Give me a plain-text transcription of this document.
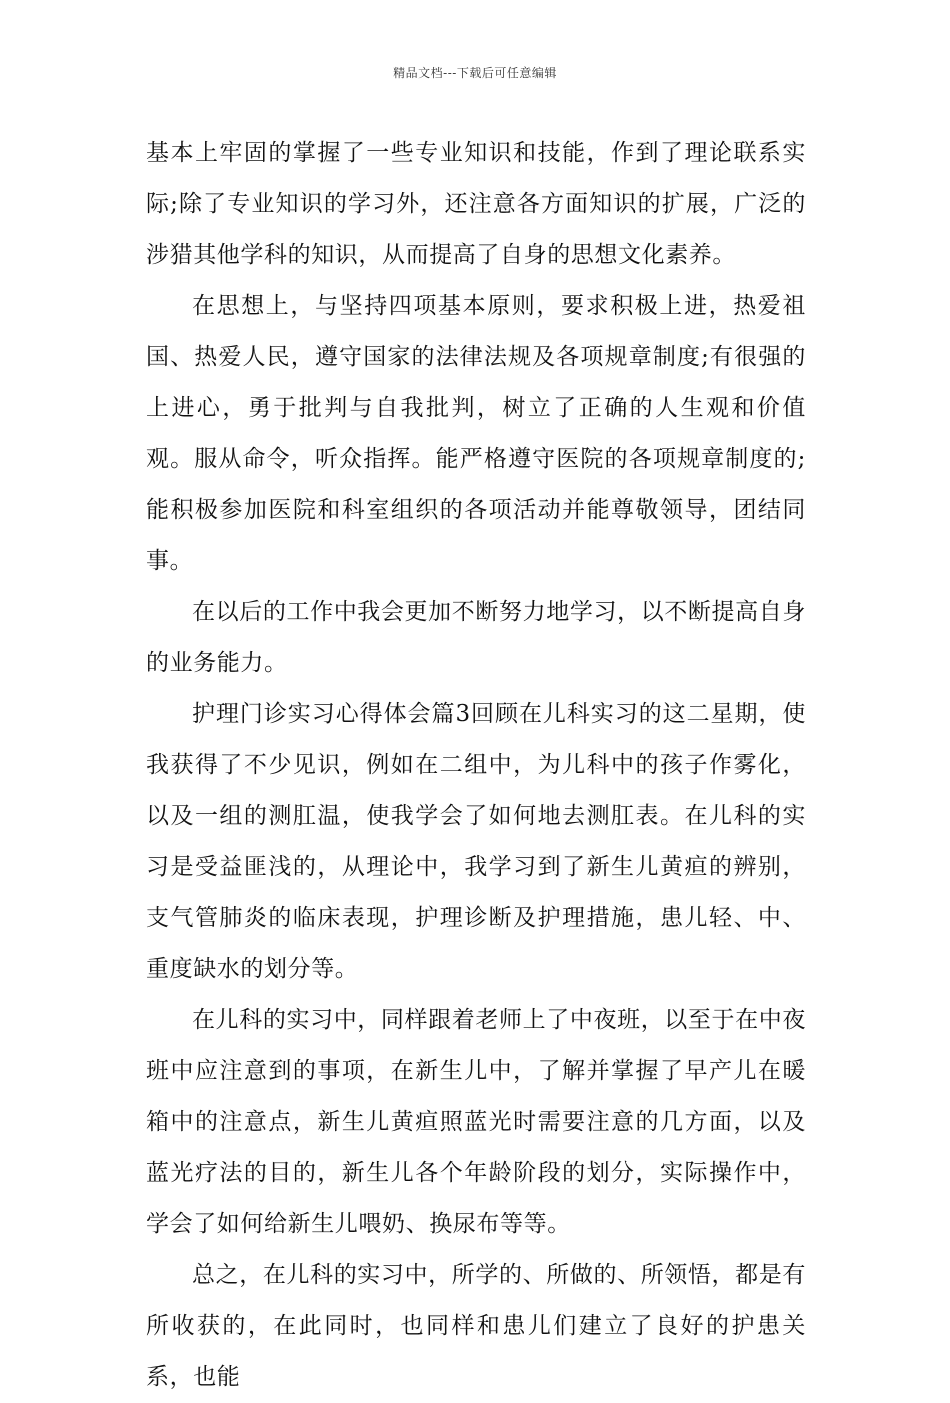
精品文档---下载后可任意编辑

基本上牢固的掌握了一些专业知识和技能，作到了理论联系实际;除了专业知识的学习外，还注意各方面知识的扩展，广泛的涉猎其他学科的知识，从而提高了自身的思想文化素养。

在思想上，与坚持四项基本原则，要求积极上进，热爱祖国、热爱人民，遵守国家的法律法规及各项规章制度;有很强的上进心，勇于批判与自我批判，树立了正确的人生观和价值观。服从命令，听众指挥。能严格遵守医院的各项规章制度的;能积极参加医院和科室组织的各项活动并能尊敬领导，团结同事。

在以后的工作中我会更加不断努力地学习，以不断提高自身的业务能力。

护理门诊实习心得体会篇3回顾在儿科实习的这二星期，使我获得了不少见识，例如在二组中，为儿科中的孩子作雾化，以及一组的测肛温，使我学会了如何地去测肛表。在儿科的实习是受益匪浅的，从理论中，我学习到了新生儿黄疸的辨别，支气管肺炎的临床表现，护理诊断及护理措施，患儿轻、中、重度缺水的划分等。

在儿科的实习中，同样跟着老师上了中夜班，以至于在中夜班中应注意到的事项，在新生儿中，了解并掌握了早产儿在暖箱中的注意点，新生儿黄疸照蓝光时需要注意的几方面，以及蓝光疗法的目的，新生儿各个年龄阶段的划分，实际操作中，学会了如何给新生儿喂奶、换尿布等等。

总之，在儿科的实习中，所学的、所做的、所领悟，都是有所收获的，在此同时，也同样和患儿们建立了良好的护患关系，也能
